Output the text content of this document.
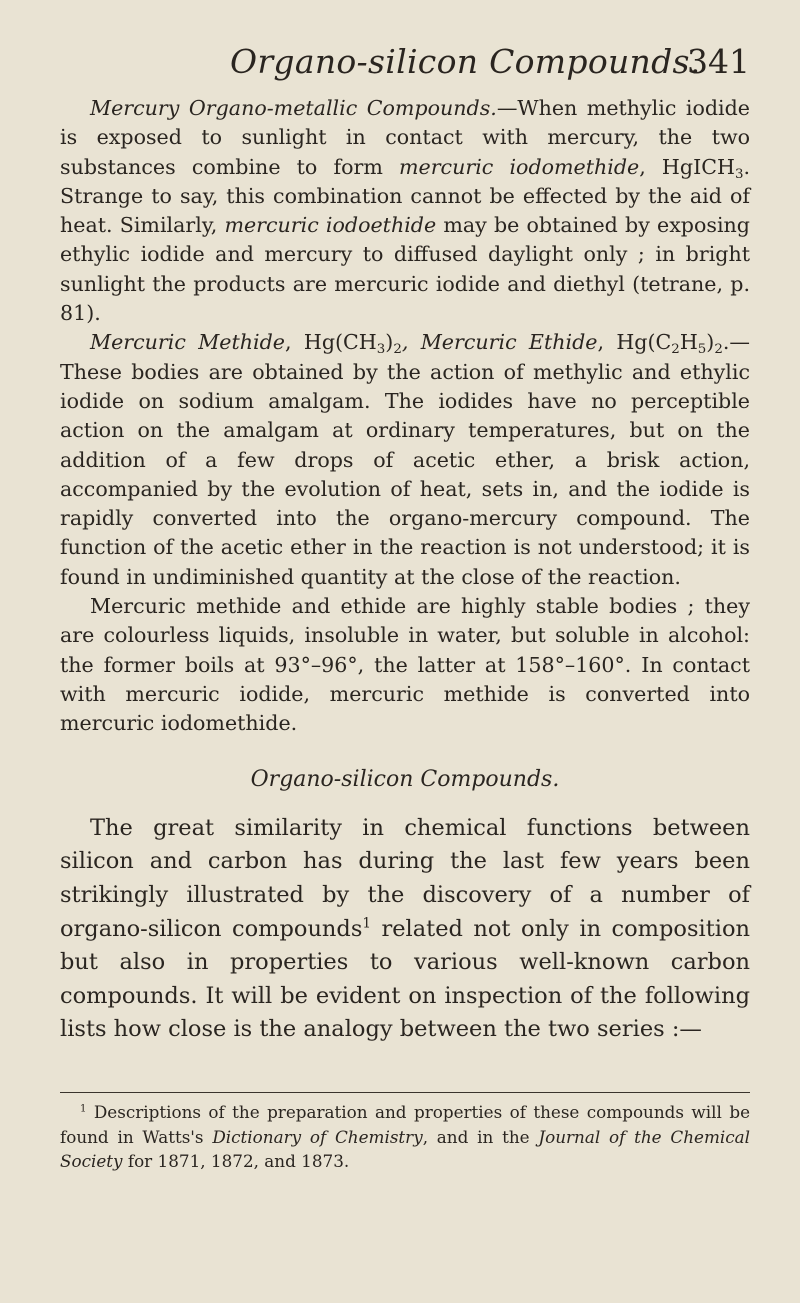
Organo-silicon Compounds.
341

Mercury Organo-metallic Compounds.—When methylic iodide is exposed to sunlight in contact with mercury, the two substances combine to form mercuric iodomethide, HgICH$_3$. Strange to say, this combination cannot be effected by the aid of heat. Similarly, mercuric iodoethide may be obtained by exposing ethylic iodide and mercury to diffused daylight only ; in bright sunlight the products are mercuric iodide and diethyl (tetrane, p. 81).

Mercuric Methide, $Hg(CH_3)_2$, Mercuric Ethide, $Hg(C_2H_5)_2.—These$ bodies are obtained by the action of methylic and ethylic iodide on sodium amalgam. The iodides have no perceptible action on the amalgam at ordinary temperatures, but on the addition of a few drops of acetic ether, a brisk action, accompanied by the evolution of heat, sets in, and the iodide is rapidly converted into the organo-mercury compound. The function of the acetic ether in the reaction is not understood; it is found in undiminished quantity at the close of the reaction.

Mercuric methide and ethide are highly stable bodies ; they are colourless liquids, insoluble in water, but soluble in alcohol: the former boils at 93°–96°, the latter at 158°–160°. In contact with mercuric iodide, mercuric methide is converted into mercuric iodomethide.

Organo-silicon Compounds.

The great similarity in chemical functions between silicon and carbon has during the last few years been strikingly illustrated by the discovery of a number of organo-silicon compounds$^1$ related not only in composition but also in properties to various well-known carbon compounds. It will be evident on inspection of the following lists how close is the analogy between the two series :—

$^1$ Descriptions of the preparation and properties of these compounds will be found in Watts's Dictionary of Chemistry, and in the Journal of the Chemical Society for 1871, 1872, and 1873.
